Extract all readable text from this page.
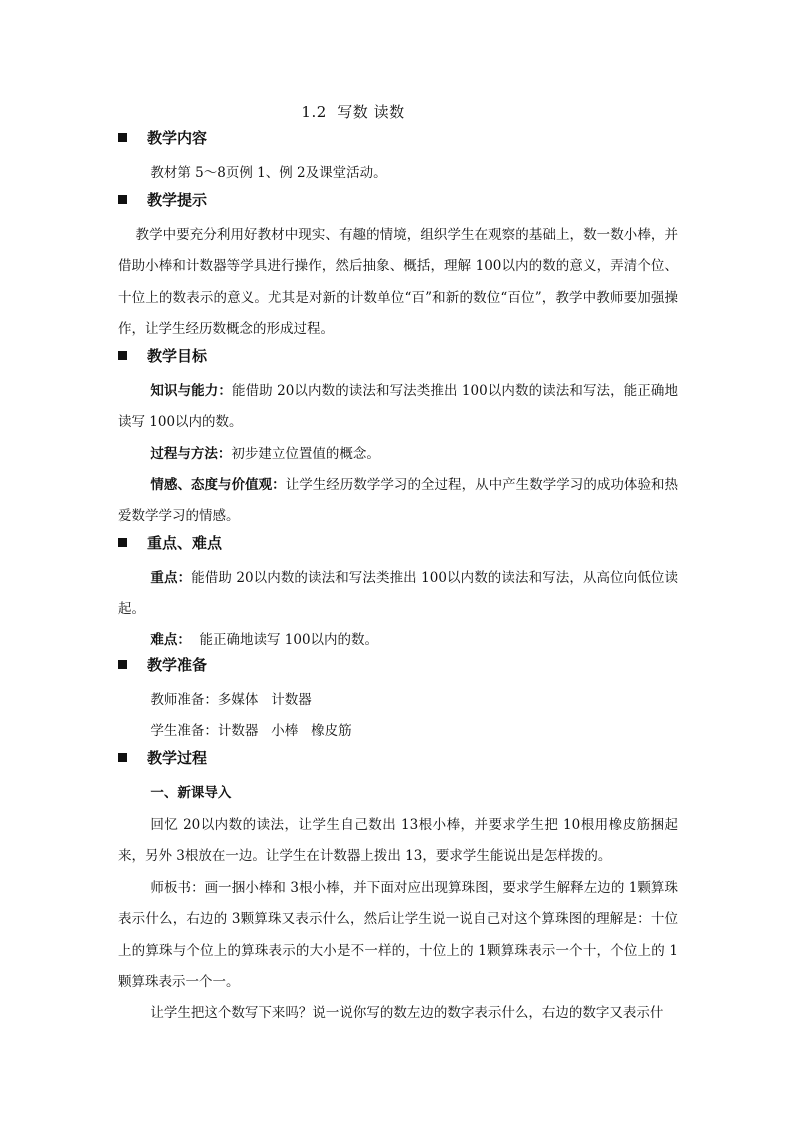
1.2  写数 读数
教学内容
教材第 5～8页例 1、例 2及课堂活动。
教学提示
教学中要充分利用好教材中现实、有趣的情境，组织学生在观察的基础上，数一数小棒，并借助小棒和计数器等学具进行操作，然后抽象、概括，理解 100以内的数的意义，弄清个位、十位上的数表示的意义。尤其是对新的计数单位“百”和新的数位“百位”，教学中教师要加强操作，让学生经历数概念的形成过程。
教学目标
知识与能力：能借助 20以内数的读法和写法类推出 100以内数的读法和写法，能正确地读写 100以内的数。
过程与方法：初步建立位置值的概念。
情感、态度与价值观：让学生经历数学学习的全过程，从中产生数学学习的成功体验和热爱数学学习的情感。
重点、难点
重点：能借助 20以内数的读法和写法类推出 100以内数的读法和写法，从高位向低位读起。
难点：  能正确地读写 100以内的数。
教学准备
教师准备：多媒体   计数器
学生准备：计数器   小棒   橡皮筋
教学过程
一、新课导入
回忆 20以内数的读法，让学生自己数出 13根小棒，并要求学生把 10根用橡皮筋捆起来，另外 3根放在一边。让学生在计数器上拨出 13，要求学生能说出是怎样拨的。
师板书：画一捆小棒和 3根小棒，并下面对应出现算珠图，要求学生解释左边的 1颗算珠表示什么，右边的 3颗算珠又表示什么，然后让学生说一说自己对这个算珠图的理解是：十位上的算珠与个位上的算珠表示的大小是不一样的，十位上的 1颗算珠表示一个十，个位上的 1颗算珠表示一个一。
让学生把这个数写下来吗？说一说你写的数左边的数字表示什么，右边的数字又表示什
